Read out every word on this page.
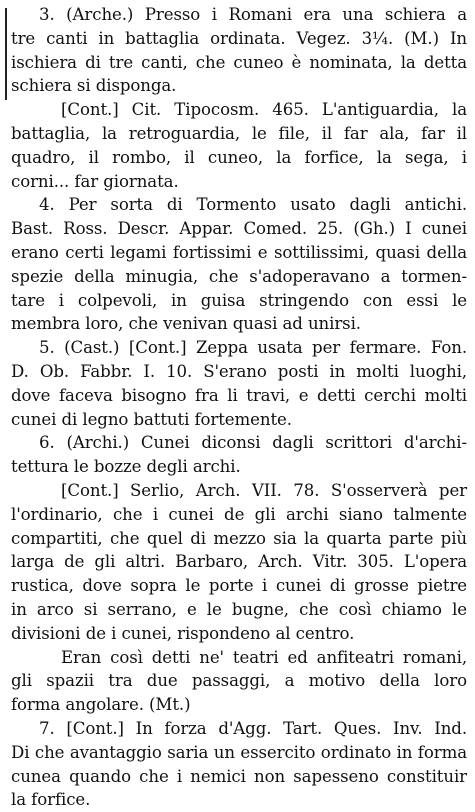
3. (Arche.) Presso i Romani era una schiera a
tre canti in battaglia ordinata. Vegez. 3¼. (M.) In
ischiera di tre canti, che cuneo è nominata, la detta
schiera si disponga.
[Cont.] Cit. Tipocosm. 465. L'antiguardia, la
battaglia, la retroguardia, le file, il far ala, far il
quadro, il rombo, il cuneo, la forfice, la sega, i
corni... far giornata.
4. Per sorta di Tormento usato dagli antichi.
Bast. Ross. Descr. Appar. Comed. 25. (Gh.) I cunei
erano certi legami fortissimi e sottilissimi, quasi della
spezie della minugia, che s'adoperavano a tormen-
tare i colpevoli, in guisa stringendo con essi le
membra loro, che venivan quasi ad unirsi.
5. (Cast.) [Cont.] Zeppa usata per fermare. Fon.
D. Ob. Fabbr. I. 10. S'erano posti in molti luoghi,
dove faceva bisogno fra li travi, e detti cerchi molti
cunei di legno battuti fortemente.
6. (Archi.) Cunei diconsi dagli scrittori d'archi-
tettura le bozze degli archi.
[Cont.] Serlio, Arch. VII. 78. S'osserverà per
l'ordinario, che i cunei de gli archi siano talmente
compartiti, che quel di mezzo sia la quarta parte più
larga de gli altri. Barbaro, Arch. Vitr. 305. L'opera
rustica, dove sopra le porte i cunei di grosse pietre
in arco si serrano, e le bugne, che così chiamo le
divisioni de i cunei, rispondeno al centro.
Eran così detti ne' teatri ed anfiteatri romani,
gli spazii tra due passaggi, a motivo della loro
forma angolare. (Mt.)
7. [Cont.] In forza d'Agg. Tart. Ques. Inv. Ind.
Di che avantaggio saria un essercito ordinato in forma
cunea quando che i nemici non sapesseno constituir
la forfice.
